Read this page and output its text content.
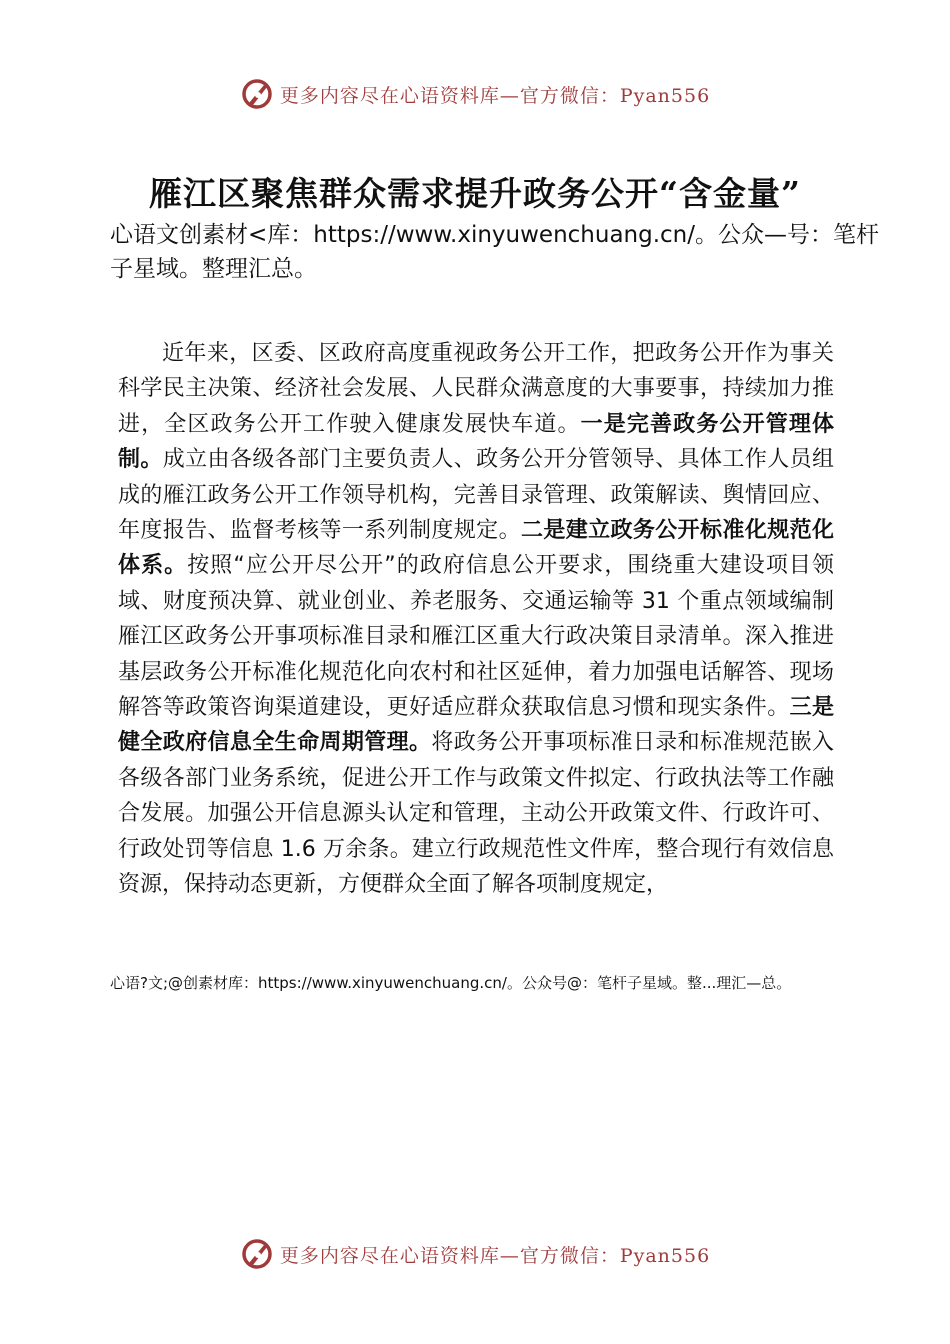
更多内容尽在心语资料库—官方微信：Pyan556
雁江区聚焦群众需求提升政务公开“含金量”

心语文创素材<库：https://www.xinyuwenchuang.cn/。公众—号：笔杆子星域。整理汇总。

近年来，区委、区政府高度重视政务公开工作，把政务公开作为事关科学民主决策、经济社会发展、人民群众满意度的大事要事，持续加力推进，全区政务公开工作驶入健康发展快车道。一是完善政务公开管理体制。成立由各级各部门主要负责人、政务公开分管领导、具体工作人员组成的雁江政务公开工作领导机构，完善目录管理、政策解读、舆情回应、年度报告、监督考核等一系列制度规定。二是建立政务公开标准化规范化体系。按照“应公开尽公开”的政府信息公开要求，围绕重大建设项目领域、财度预决算、就业创业、养老服务、交通运输等 31 个重点领域编制雁江区政务公开事项标准目录和雁江区重大行政决策目录清单。深入推进基层政务公开标准化规范化向农村和社区延伸，着力加强电话解答、现场解答等政策咨询渠道建设，更好适应群众获取信息习惯和现实条件。三是健全政府信息全生命周期管理。将政务公开事项标准日录和标准规范嵌入各级各部门业务系统，促进公开工作与政策文件拟定、行政执法等工作融合发展。加强公开信息源头认定和管理，主动公开政策文件、行政许可、行政处罚等信息 1.6 万余条。建立行政规范性文件库，整合现行有效信息资源，保持动态更新，方便群众全面了解各项制度规定，

心语?文;@创素材库：https://www.xinyuwenchuang.cn/。公众号@：笔杆子星域。整...理汇—总。

更多内容尽在心语资料库—官方微信：Pyan556
